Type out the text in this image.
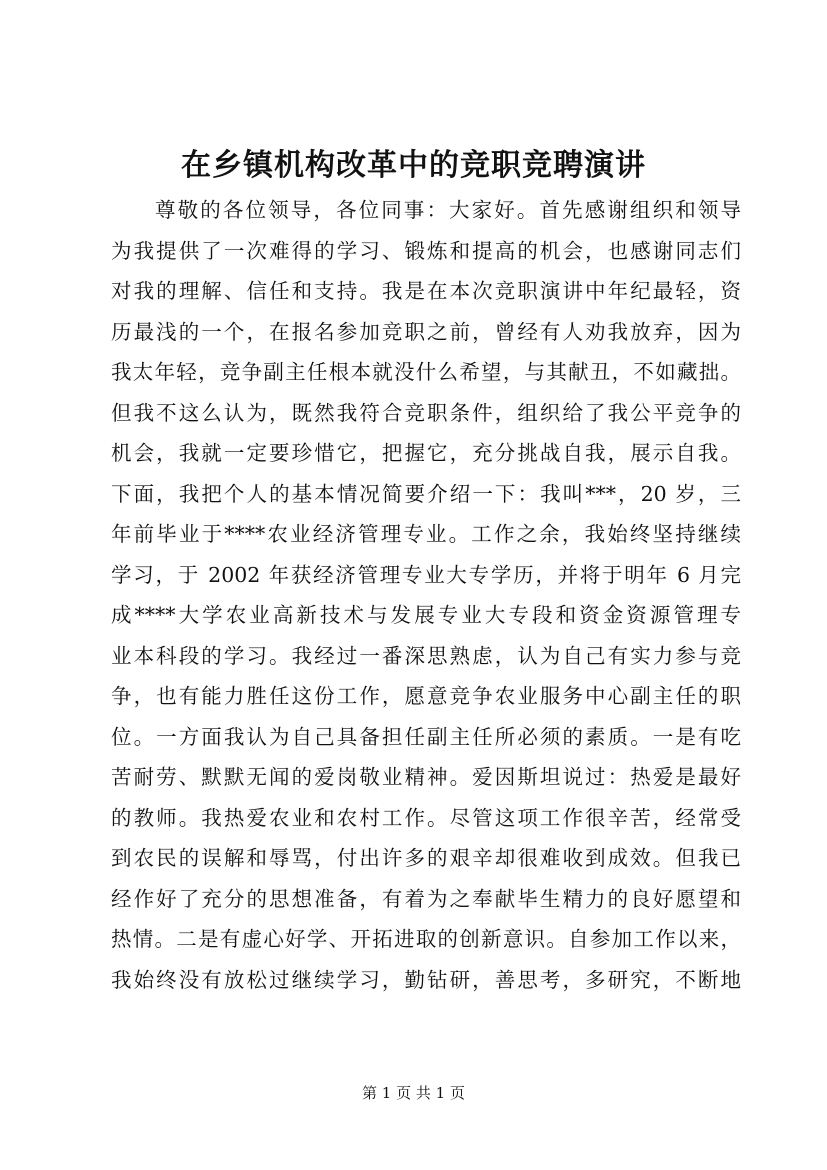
在乡镇机构改革中的竞职竞聘演讲
尊敬的各位领导，各位同事：大家好。首先感谢组织和领导
为我提供了一次难得的学习、锻炼和提高的机会，也感谢同志们
对我的理解、信任和支持。我是在本次竞职演讲中年纪最轻，资
历最浅的一个，在报名参加竞职之前，曾经有人劝我放弃，因为
我太年轻，竞争副主任根本就没什么希望，与其献丑，不如藏拙。
但我不这么认为，既然我符合竞职条件，组织给了我公平竞争的
机会，我就一定要珍惜它，把握它，充分挑战自我，展示自我。
下面，我把个人的基本情况简要介绍一下：我叫***，20 岁，三
年前毕业于****农业经济管理专业。工作之余，我始终坚持继续
学习，于 2002 年获经济管理专业大专学历，并将于明年 6 月完
成****大学农业高新技术与发展专业大专段和资金资源管理专
业本科段的学习。我经过一番深思熟虑，认为自己有实力参与竞
争，也有能力胜任这份工作，愿意竞争农业服务中心副主任的职
位。一方面我认为自己具备担任副主任所必须的素质。一是有吃
苦耐劳、默默无闻的爱岗敬业精神。爱因斯坦说过：热爱是最好
的教师。我热爱农业和农村工作。尽管这项工作很辛苦，经常受
到农民的误解和辱骂，付出许多的艰辛却很难收到成效。但我已
经作好了充分的思想准备，有着为之奉献毕生精力的良好愿望和
热情。二是有虚心好学、开拓进取的创新意识。自参加工作以来，
我始终没有放松过继续学习，勤钻研，善思考，多研究，不断地
第 1 页 共 1 页
